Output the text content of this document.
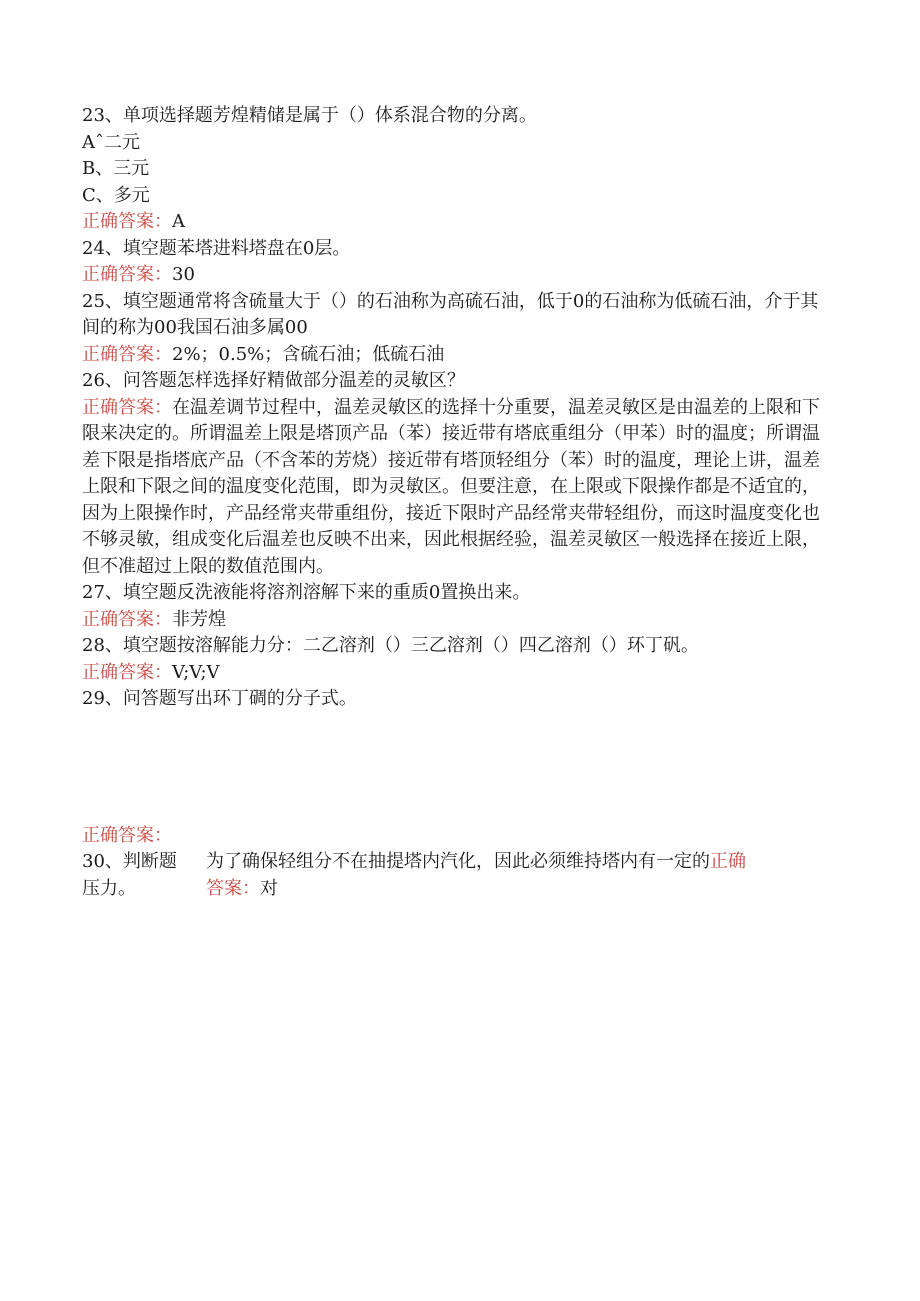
23、单项选择题芳煌精储是属于（）体系混合物的分离。

Aˆ二元

B、三元

C、多元

正确答案：A

24、填空题苯塔进料塔盘在0层。

正确答案：30

25、填空题通常将含硫量大于（）的石油称为高硫石油，低于0的石油称为低硫石油，介于其间的称为00我国石油多属00

正确答案：2%；0.5%；含硫石油；低硫石油

26、问答题怎样选择好精做部分温差的灵敏区？

正确答案：在温差调节过程中，温差灵敏区的选择十分重要，温差灵敏区是由温差的上限和下限来决定的。所谓温差上限是塔顶产品（苯）接近带有塔底重组分（甲苯）时的温度；所谓温差下限是指塔底产品（不含苯的芳烧）接近带有塔顶轻组分（苯）时的温度，理论上讲，温差上限和下限之间的温度变化范围，即为灵敏区。但要注意，在上限或下限操作都是不适宜的，因为上限操作时，产品经常夹带重组份，接近下限时产品经常夹带轻组份，而这时温度变化也不够灵敏，组成变化后温差也反映不出来，因此根据经验，温差灵敏区一般选择在接近上限，但不准超过上限的数值范围内。

27、填空题反洗液能将溶剂溶解下来的重质0置换出来。

正确答案：非芳煌

28、填空题按溶解能力分：二乙溶剂（）三乙溶剂（）四乙溶剂（）环丁矾。

正确答案：V;V;V

29、问答题写出环丁碉的分子式。

正确答案：

30、判断题

压力。

为了确保轻组分不在抽提塔内汽化，因此必须维持塔内有一定的正确

答案：对
